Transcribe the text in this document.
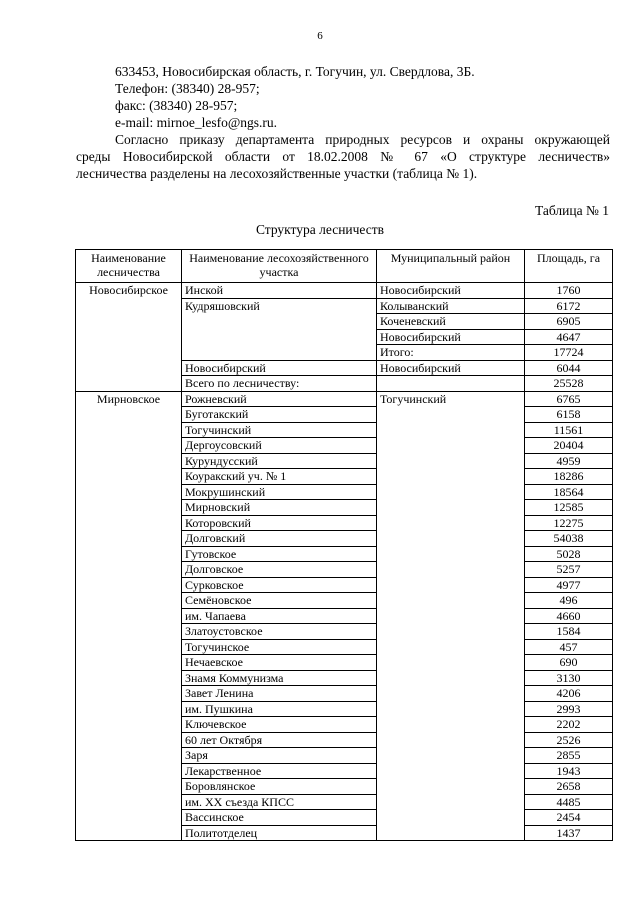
6
633453, Новосибирская область, г. Тогучин, ул. Свердлова, 3Б.
Телефон: (38340) 28-957;
факс: (38340) 28-957;
e-mail: mirnoe_lesfo@ngs.ru.
Согласно приказу департамента природных ресурсов и охраны окружающей
среды Новосибирской области от 18.02.2008 № 67 «О структуре лесничеств»
лесничества разделены на лесохозяйственные участки (таблица № 1).
Таблица № 1
Структура лесничеств
Наименование лесничества	Наименование лесохозяйственного участка	Муниципальный район	Площадь, га
Новосибирское	Инской	Новосибирский	1760
	Кудряшовский	Колыванский	6172
		Коченевский	6905
		Новосибирский	4647
		Итого:	17724
	Новосибирский	Новосибирский	6044
	Всего по лесничеству:		25528
Мирновское	Рожневский	Тогучинский	6765
	Буготакский		6158
	Тогучинский		11561
	Дергоусовский		20404
	Курундусский		4959
	Коуракский уч. № 1		18286
	Мокрушинский		18564
	Мирновский		12585
	Которовский		12275
	Долговский		54038
	Гутовское		5028
	Долговское		5257
	Сурковское		4977
	Семёновское		496
	им. Чапаева		4660
	Златоустовское		1584
	Тогучинское		457
	Нечаевское		690
	Знамя Коммунизма		3130
	Завет Ленина		4206
	им. Пушкина		2993
	Ключевское		2202
	60 лет Октября		2526
	Заря		2855
	Лекарственное		1943
	Боровлянское		2658
	им. XX съезда КПСС		4485
	Вассинское		2454
	Политотделец		1437
